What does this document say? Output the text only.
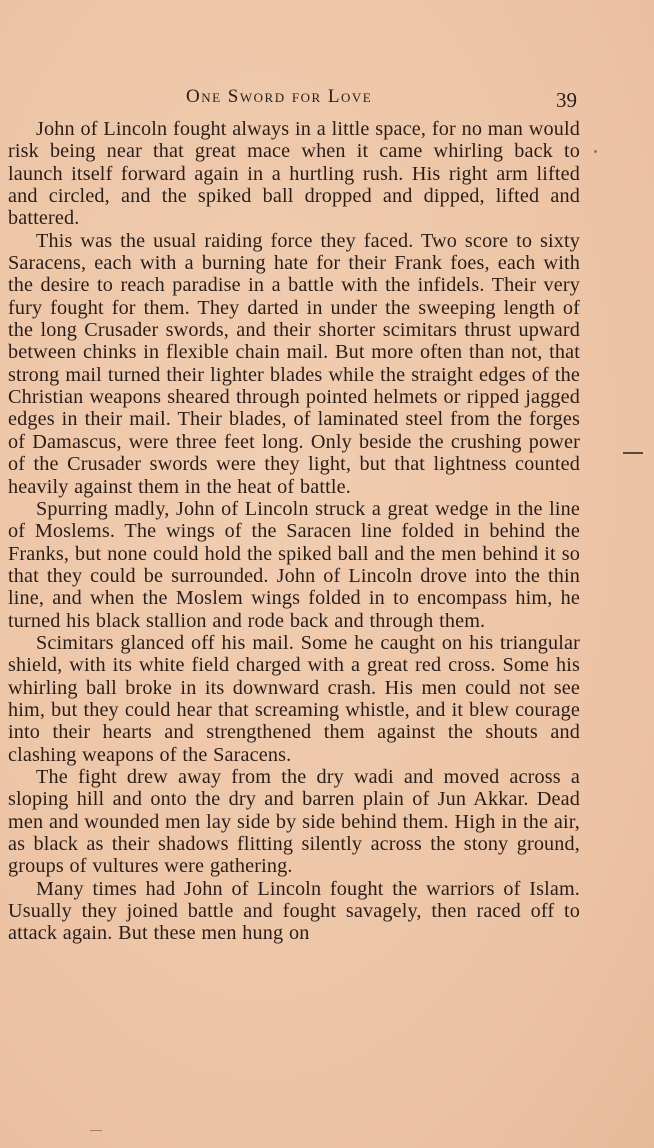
One Sword for Love	39

John of Lincoln fought always in a little space, for no man would risk being near that great mace when it came whirling back to launch itself forward again in a hurtling rush. His right arm lifted and circled, and the spiked ball dropped and dipped, lifted and battered.

This was the usual raiding force they faced. Two score to sixty Saracens, each with a burning hate for their Frank foes, each with the desire to reach paradise in a battle with the infidels. Their very fury fought for them. They darted in under the sweeping length of the long Crusader swords, and their shorter scimitars thrust upward between chinks in flexible chain mail. But more often than not, that strong mail turned their lighter blades while the straight edges of the Christian weapons sheared through pointed helmets or ripped jagged edges in their mail. Their blades, of laminated steel from the forges of Damascus, were three feet long. Only beside the crushing power of the Crusader swords were they light, but that lightness counted heavily against them in the heat of battle.

Spurring madly, John of Lincoln struck a great wedge in the line of Moslems. The wings of the Saracen line folded in behind the Franks, but none could hold the spiked ball and the men behind it so that they could be surrounded. John of Lincoln drove into the thin line, and when the Moslem wings folded in to encompass him, he turned his black stallion and rode back and through them.

Scimitars glanced off his mail. Some he caught on his triangular shield, with its white field charged with a great red cross. Some his whirling ball broke in its downward crash. His men could not see him, but they could hear that screaming whistle, and it blew courage into their hearts and strengthened them against the shouts and clashing weapons of the Saracens.

The fight drew away from the dry wadi and moved across a sloping hill and onto the dry and barren plain of Jun Akkar. Dead men and wounded men lay side by side behind them. High in the air, as black as their shadows flitting silently across the stony ground, groups of vultures were gathering.

Many times had John of Lincoln fought the warriors of Islam. Usually they joined battle and fought savagely, then raced off to attack again. But these men hung on
